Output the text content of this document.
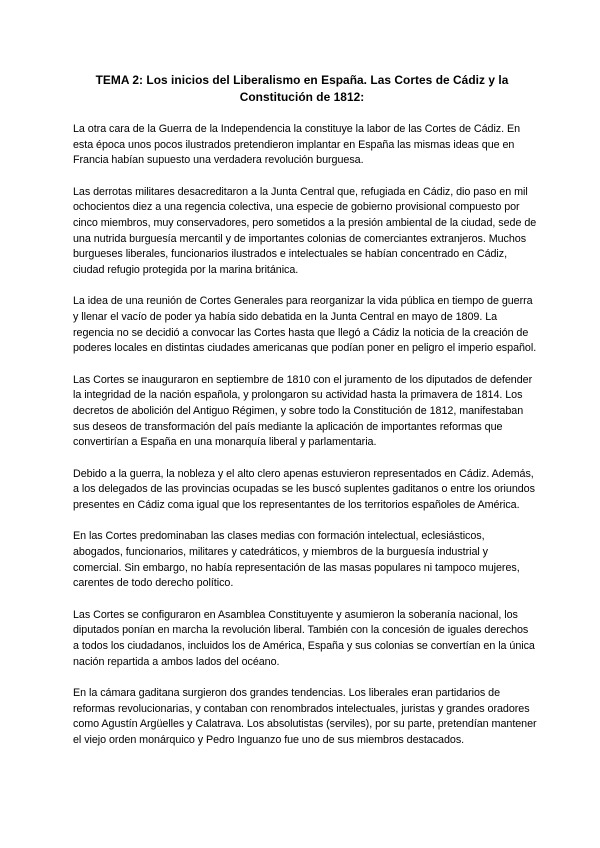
TEMA 2: Los inicios del Liberalismo en España. Las Cortes de Cádiz y la Constitución de 1812:

La otra cara de la Guerra de la Independencia la constituye la labor de las Cortes de Cádiz. En esta época unos pocos ilustrados pretendieron implantar en España las mismas ideas que en Francia habían supuesto una verdadera revolución burguesa.

Las derrotas militares desacreditaron a la Junta Central que, refugiada en Cádiz, dio paso en mil ochocientos diez a una regencia colectiva, una especie de gobierno provisional compuesto por cinco miembros, muy conservadores, pero sometidos a la presión ambiental de la ciudad, sede de una nutrida burguesía mercantil y de importantes colonias de comerciantes extranjeros. Muchos burgueses liberales, funcionarios ilustrados e intelectuales se habían concentrado en Cádiz, ciudad refugio protegida por la marina británica.

La idea de una reunión de Cortes Generales para reorganizar la vida pública en tiempo de guerra y llenar el vacío de poder ya había sido debatida en la Junta Central en mayo de 1809. La regencia no se decidió a convocar las Cortes hasta que llegó a Cádiz la noticia de la creación de poderes locales en distintas ciudades americanas que podían poner en peligro el imperio español.

Las Cortes se inauguraron en septiembre de 1810 con el juramento de los diputados de defender la integridad de la nación española, y prolongaron su actividad hasta la primavera de 1814. Los decretos de abolición del Antiguo Régimen, y sobre todo la Constitución de 1812, manifestaban sus deseos de transformación del país mediante la aplicación de importantes reformas que convertirían a España en una monarquía liberal y parlamentaria.

Debido a la guerra, la nobleza y el alto clero apenas estuvieron representados en Cádiz. Además, a los delegados de las provincias ocupadas se les buscó suplentes gaditanos o entre los oriundos presentes en Cádiz coma igual que los representantes de los territorios españoles de América.

En las Cortes predominaban las clases medias con formación intelectual, eclesiásticos, abogados, funcionarios, militares y catedráticos, y miembros de la burguesía industrial y comercial. Sin embargo, no había representación de las masas populares ni tampoco mujeres, carentes de todo derecho político.

Las Cortes se configuraron en Asamblea Constituyente y asumieron la soberanía nacional, los diputados ponían en marcha la revolución liberal. También con la concesión de iguales derechos a todos los ciudadanos, incluidos los de América, España y sus colonias se convertían en la única nación repartida a ambos lados del océano.

En la cámara gaditana surgieron dos grandes tendencias. Los liberales eran partidarios de reformas revolucionarias, y contaban con renombrados intelectuales, juristas y grandes oradores como Agustín Argüelles y Calatrava. Los absolutistas (serviles), por su parte, pretendían mantener el viejo orden monárquico y Pedro Inguanzo fue uno de sus miembros destacados.
